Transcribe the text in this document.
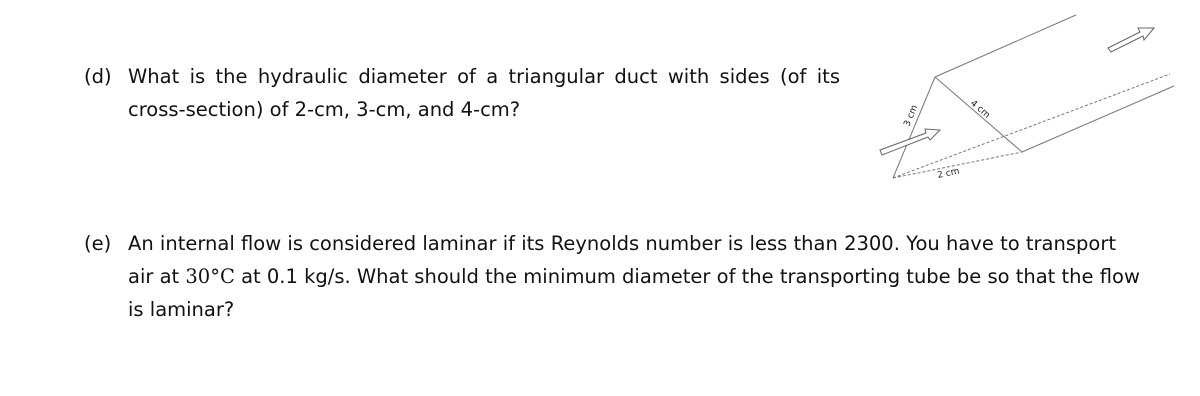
(d) What is the hydraulic diameter of a triangular duct with sides (of its
cross-section) of 2-cm, 3-cm, and 4-cm?	3 cm	4 cm
2 cm
(e) An internal flow is considered laminar if its Reynolds number is less than 2300. You have to transport
air at 30°C at 0.1 kg/s. What should the minimum diameter of the transporting tube be so that the flow
is laminar?
